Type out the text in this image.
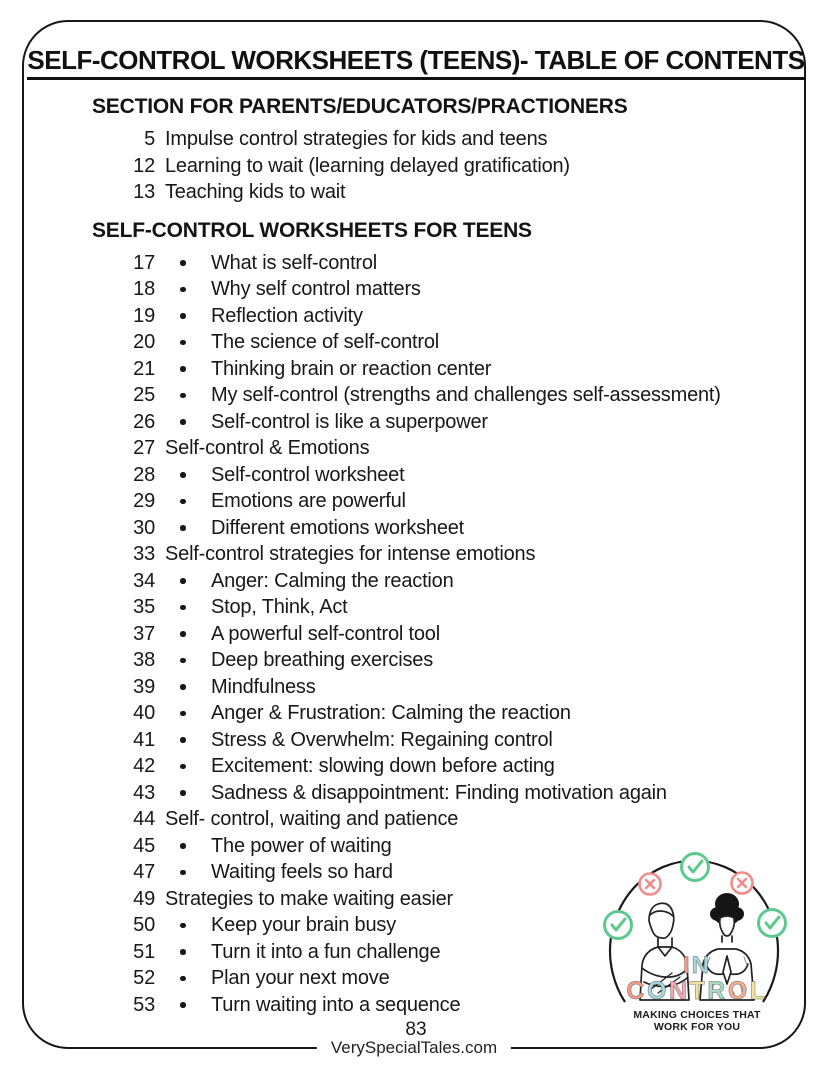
VerySpecialTales.com
SELF-CONTROL WORKSHEETS (TEENS)- TABLE OF CONTENTS
SECTION FOR PARENTS/EDUCATORS/PRACTIONERS
5 Impulse control strategies for kids and teens
12 Learning to wait (learning delayed gratification)
13 Teaching kids to wait
SELF-CONTROL WORKSHEETS FOR TEENS
17	What is self-control
18	Why self control matters
19	Reflection activity
20	The science of self-control
21	Thinking brain or reaction center
25	My self-control (strengths and challenges self-assessment)
26	Self-control is like a superpower
27 Self-control & Emotions
28	Self-control worksheet
29	Emotions are powerful
30	Different emotions worksheet
33 Self-control strategies for intense emotions
34	Anger: Calming the reaction
35	Stop, Think, Act
37	A powerful self-control tool
38	Deep breathing exercises
39	Mindfulness
40	Anger & Frustration: Calming the reaction
41	Stress & Overwhelm: Regaining control
42	Excitement: slowing down before acting
43	Sadness & disappointment: Finding motivation again
44 Self- control, waiting and patience
45	The power of waiting
47	Waiting feels so hard
49 Strategies to make waiting easier
50	Keep your brain busy
51	Turn it into a fun challenge
52	Plan your next move
53	Turn waiting into a sequence
83
IN
CONTROL
MAKING CHOICES THAT
WORK FOR YOU
